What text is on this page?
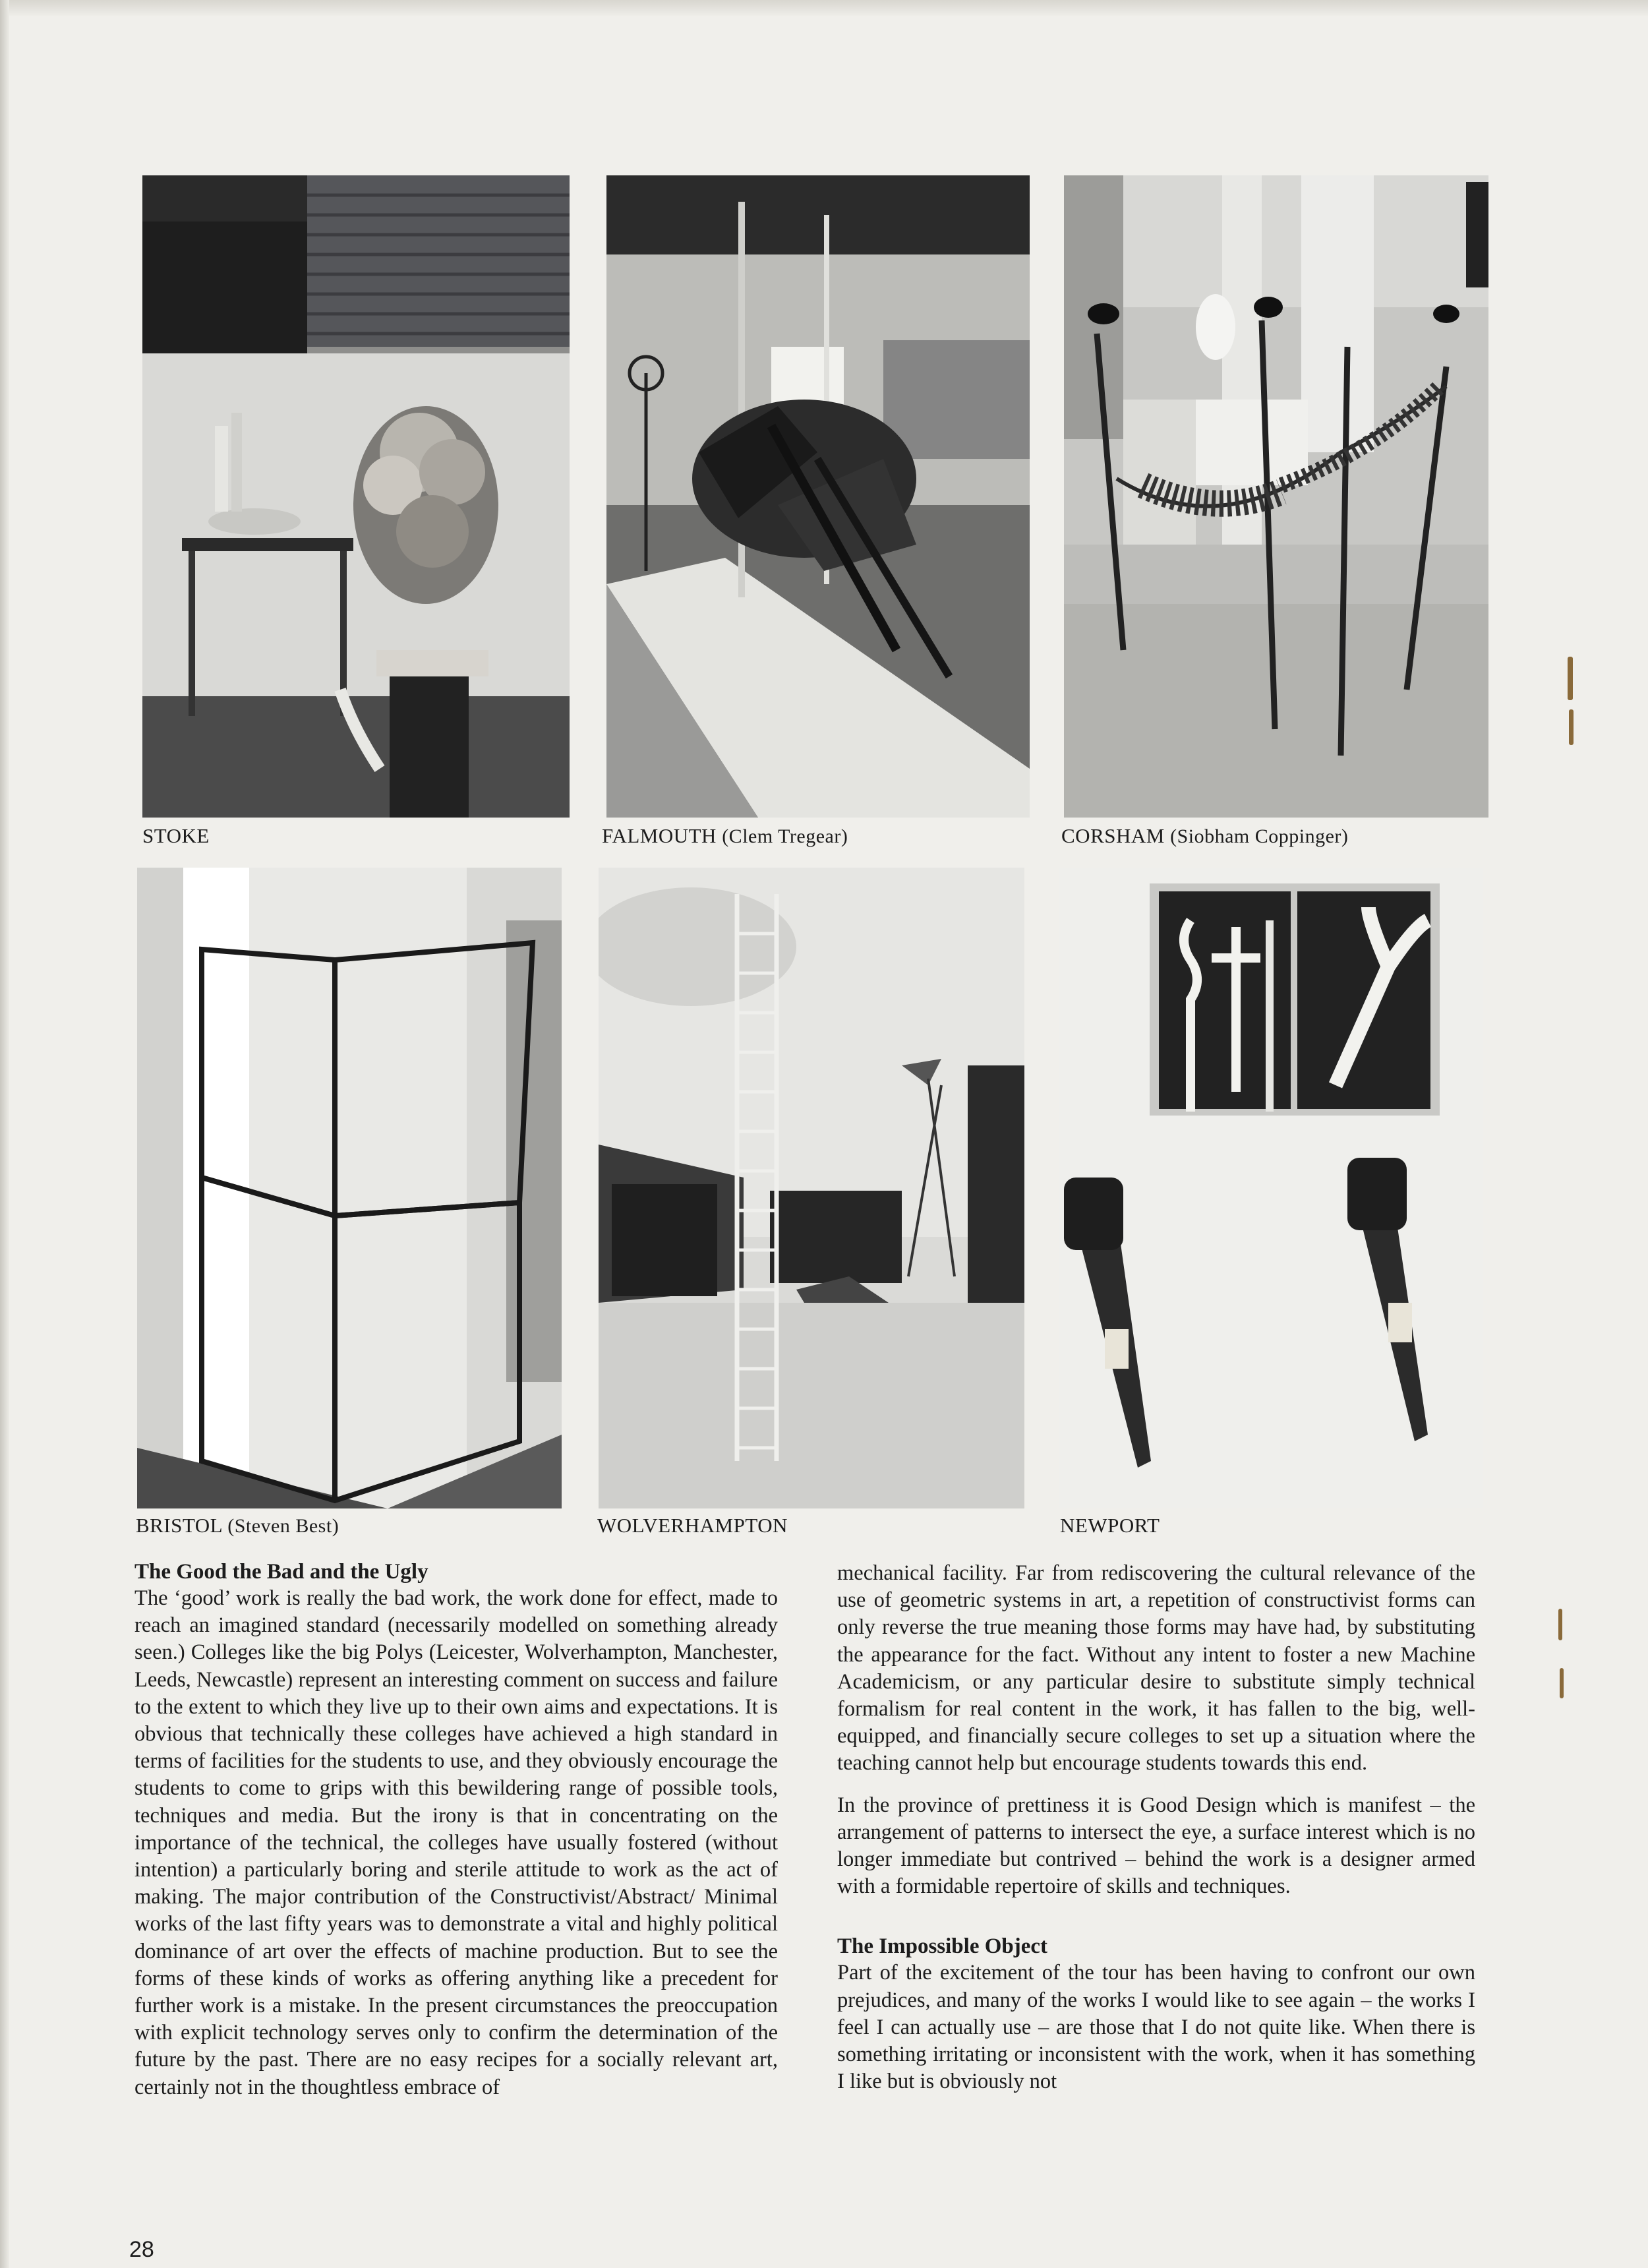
STOKE	FALMOUTH (Clem Tregear)	CORSHAM (Siobham Coppinger)
BRISTOL (Steven Best)	WOLVERHAMPTON	NEWPORT
The Good the Bad and the Ugly

The ‘good’ work is really the bad work, the work done for effect, made to reach an imagined standard (necessarily modelled on something already seen.) Colleges like the big Polys (Leicester, Wolverhampton, Manchester, Leeds, Newcastle) represent an interesting comment on success and failure to the extent to which they live up to their own aims and expectations. It is obvious that technically these colleges have achieved a high standard in terms of facilities for the students to use, and they obviously encourage the students to come to grips with this bewildering range of possible tools, techniques and media. But the irony is that in concentrating on the importance of the technical, the colleges have usually fostered (without intention) a particularly boring and sterile attitude to work as the act of making. The major contribution of the Constructivist/Abstract/ Minimal works of the last fifty years was to demonstrate a vital and highly political dominance of art over the effects of machine production. But to see the forms of these kinds of works as offering anything like a precedent for further work is a mistake. In the present circumstances the preoccupation with explicit technology serves only to confirm the determination of the future by the past. There are no easy recipes for a socially relevant art, certainly not in the thoughtless embrace of

mechanical facility. Far from rediscovering the cultural relevance of the use of geometric systems in art, a repetition of constructivist forms can only reverse the true meaning those forms may have had, by substituting the appearance for the fact. Without any intent to foster a new Machine Academicism, or any particular desire to substitute simply technical formalism for real content in the work, it has fallen to the big, well-equipped, and financially secure colleges to set up a situation where the teaching cannot help but encourage students towards this end.

In the province of prettiness it is Good Design which is manifest – the arrangement of patterns to intersect the eye, a surface interest which is no longer immediate but contrived – behind the work is a designer armed with a formidable repertoire of skills and techniques.

The Impossible Object

Part of the excitement of the tour has been having to confront our own prejudices, and many of the works I would like to see again – the works I feel I can actually use – are those that I do not quite like. When there is something irritating or inconsistent with the work, when it has something I like but is obviously not

28
